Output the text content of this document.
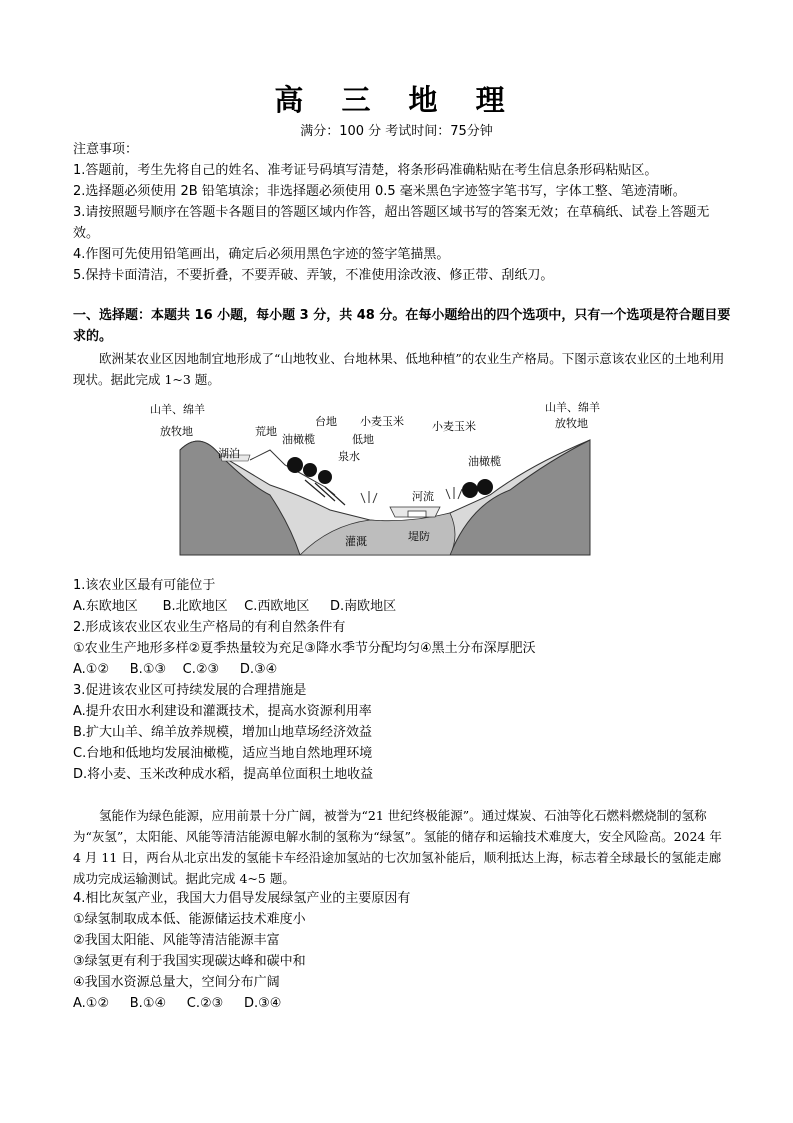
高 三 地 理
满分：100 分 考试时间：75分钟
注意事项：
1.答题前，考生先将自己的姓名、准考证号码填写清楚，将条形码准确粘贴在考生信息条形码粘贴区。
2.选择题必须使用 2B 铅笔填涂；非选择题必须使用 0.5 毫米黑色字迹签字笔书写，字体工整、笔迹清晰。
3.请按照题号顺序在答题卡各题目的答题区域内作答，超出答题区域书写的答案无效；在草稿纸、试卷上答题无效。
4.作图可先使用铅笔画出，确定后必须用黑色字迹的签字笔描黑。
5.保持卡面清洁，不要折叠，不要弄破、弄皱，不准使用涂改液、修正带、刮纸刀。
一、选择题：本题共 16 小题，每小题 3 分，共 48 分。在每小题给出的四个选项中，只有一个选项是符合题目要求的。
欧洲某农业区因地制宜地形成了“山地牧业、台地林果、低地种植”的农业生产格局。下图示意该农业区的土地利用现状。据此完成 1~3 题。
山羊、绵羊
放牧地	荒地
湖泊
台地
油橄榄	低地
泉水
小麦玉米	小麦玉米
河流
油橄榄
山羊、绵羊
放牧地
灌溉	堤防
1.该农业区最有可能位于
A.东欧地区      B.北欧地区    C.西欧地区     D.南欧地区
2.形成该农业区农业生产格局的有利自然条件有
①农业生产地形多样②夏季热量较为充足③降水季节分配均匀④黑土分布深厚肥沃
A.①②     B.①③    C.②③     D.③④
3.促进该农业区可持续发展的合理措施是
A.提升农田水利建设和灌溉技术，提高水资源利用率
B.扩大山羊、绵羊放养规模，增加山地草场经济效益
C.台地和低地均发展油橄榄，适应当地自然地理环境
D.将小麦、玉米改种成水稻，提高单位面积土地收益
氢能作为绿色能源，应用前景十分广阔，被誉为“21 世纪终极能源”。通过煤炭、石油等化石燃料燃烧制的氢称为“灰氢”，太阳能、风能等清洁能源电解水制的氢称为“绿氢”。氢能的储存和运输技术难度大，安全风险高。2024 年 4 月 11 日，两台从北京出发的氢能卡车经沿途加氢站的七次加氢补能后，顺利抵达上海，标志着全球最长的氢能走廊成功完成运输测试。据此完成 4~5 题。
4.相比灰氢产业，我国大力倡导发展绿氢产业的主要原因有
①绿氢制取成本低、能源储运技术难度小
②我国太阳能、风能等清洁能源丰富
③绿氢更有利于我国实现碳达峰和碳中和
④我国水资源总量大，空间分布广阔
A.①②     B.①④     C.②③     D.③④
